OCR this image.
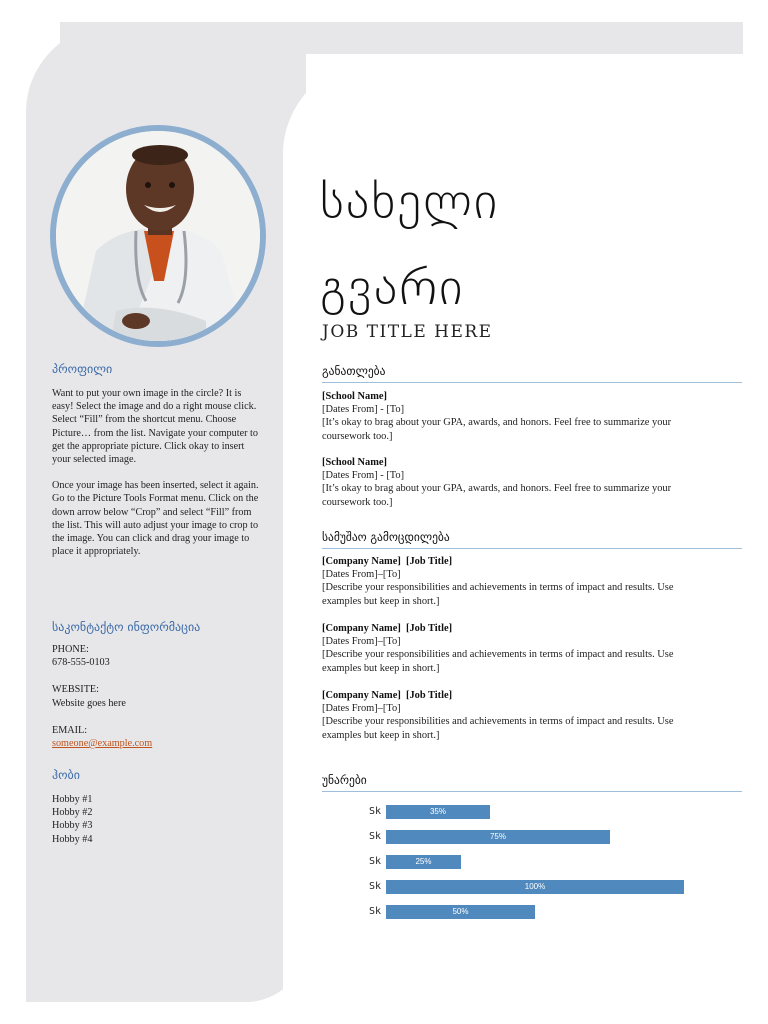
პროფილი

Want to put your own image in the circle? It is easy! Select the image and do a right mouse click. Select “Fill” from the shortcut menu. Choose Picture… from the list. Navigate your computer to get the appropriate picture. Click okay to insert your selected image.

Once your image has been inserted, select it again. Go to the Picture Tools Format menu. Click on the down arrow below “Crop” and select “Fill” from the list. This will auto adjust your image to crop to the image. You can click and drag your image to place it appropriately.

საკონტაქტო ინფორმაცია

PHONE:

678-555-0103

WEBSITE:

Website goes here

EMAIL:

someone@example.com

ჰობი

Hobby #1

Hobby #2

Hobby #3

Hobby #4

სახელი
გვარი
JOB TITLE HERE
განათლება

[School Name]

[Dates From] - [To]

[It’s okay to brag about your GPA, awards, and honors. Feel free to summarize your coursework too.]

[School Name]

[Dates From] - [To]

[It’s okay to brag about your GPA, awards, and honors. Feel free to summarize your coursework too.]

სამუშაო გამოცდილება

[Company Name] [Job Title]

[Dates From]–[To]

[Describe your responsibilities and achievements in terms of impact and results. Use examples but keep in short.]

[Company Name] [Job Title]

[Dates From]–[To]

[Describe your responsibilities and achievements in terms of impact and results. Use examples but keep in short.]

[Company Name] [Job Title]

[Dates From]–[To]

[Describe your responsibilities and achievements in terms of impact and results. Use examples but keep in short.]

უნარები
Sk	35%
Sk	75%
Sk	25%
Sk	100%
Sk	50%
